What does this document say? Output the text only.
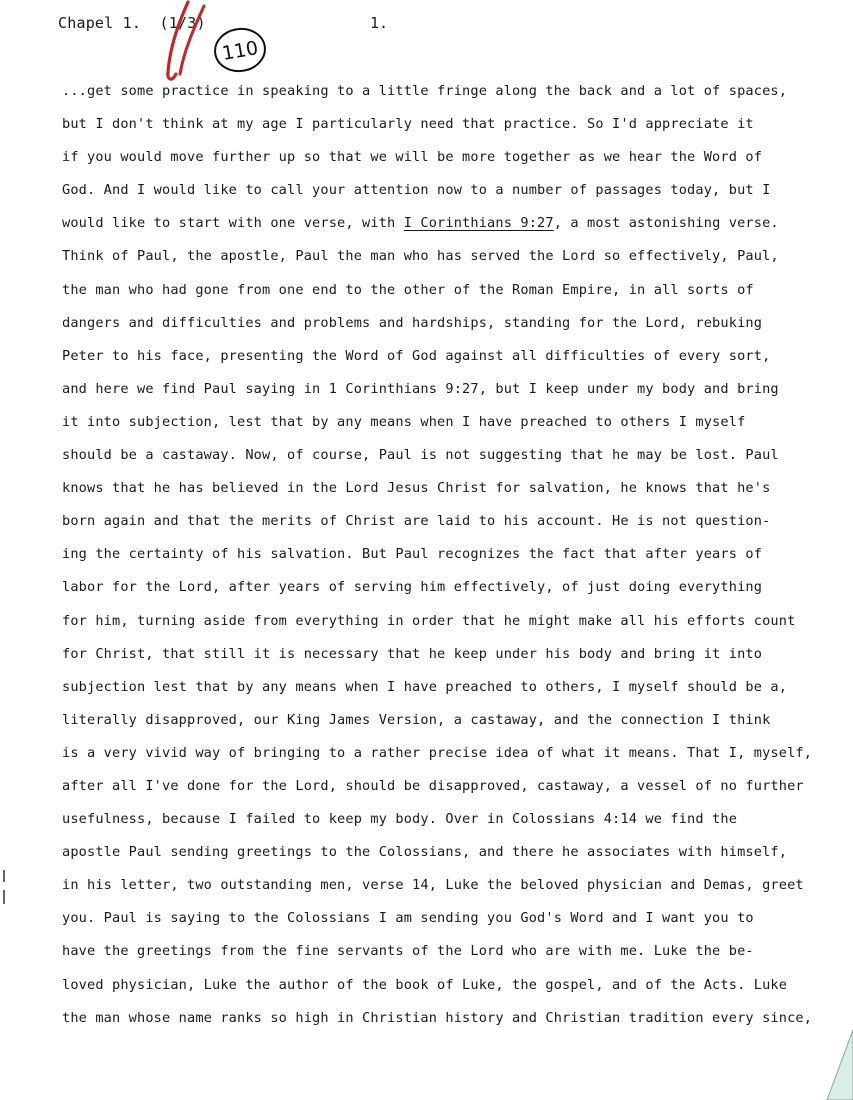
Chapel 1. (1/3)	1.
110
...get some practice in speaking to a little fringe along the back and a lot of spaces,
but I don't think at my age I particularly need that practice. So I'd appreciate it
if you would move further up so that we will be more together as we hear the Word of
God. And I would like to call your attention now to a number of passages today, but I
would like to start with one verse, with I Corinthians 9:27, a most astonishing verse.
Think of Paul, the apostle, Paul the man who has served the Lord so effectively, Paul,
the man who had gone from one end to the other of the Roman Empire, in all sorts of
dangers and difficulties and problems and hardships, standing for the Lord, rebuking
Peter to his face, presenting the Word of God against all difficulties of every sort,
and here we find Paul saying in 1 Corinthians 9:27, but I keep under my body and bring
it into subjection, lest that by any means when I have preached to others I myself
should be a castaway. Now, of course, Paul is not suggesting that he may be lost. Paul
knows that he has believed in the Lord Jesus Christ for salvation, he knows that he's
born again and that the merits of Christ are laid to his account. He is not question-
ing the certainty of his salvation. But Paul recognizes the fact that after years of
labor for the Lord, after years of serving him effectively, of just doing everything
for him, turning aside from everything in order that he might make all his efforts count
for Christ, that still it is necessary that he keep under his body and bring it into
subjection lest that by any means when I have preached to others, I myself should be a,
literally disapproved, our King James Version, a castaway, and the connection I think
is a very vivid way of bringing to a rather precise idea of what it means. That I, myself,
after all I've done for the Lord, should be disapproved, castaway, a vessel of no further
usefulness, because I failed to keep my body. Over in Colossians 4:14 we find the
apostle Paul sending greetings to the Colossians, and there he associates with himself,
in his letter, two outstanding men, verse 14, Luke the beloved physician and Demas, greet
you. Paul is saying to the Colossians I am sending you God's Word and I want you to
have the greetings from the fine servants of the Lord who are with me. Luke the be-
loved physician, Luke the author of the book of Luke, the gospel, and of the Acts. Luke
the man whose name ranks so high in Christian history and Christian tradition every since,
